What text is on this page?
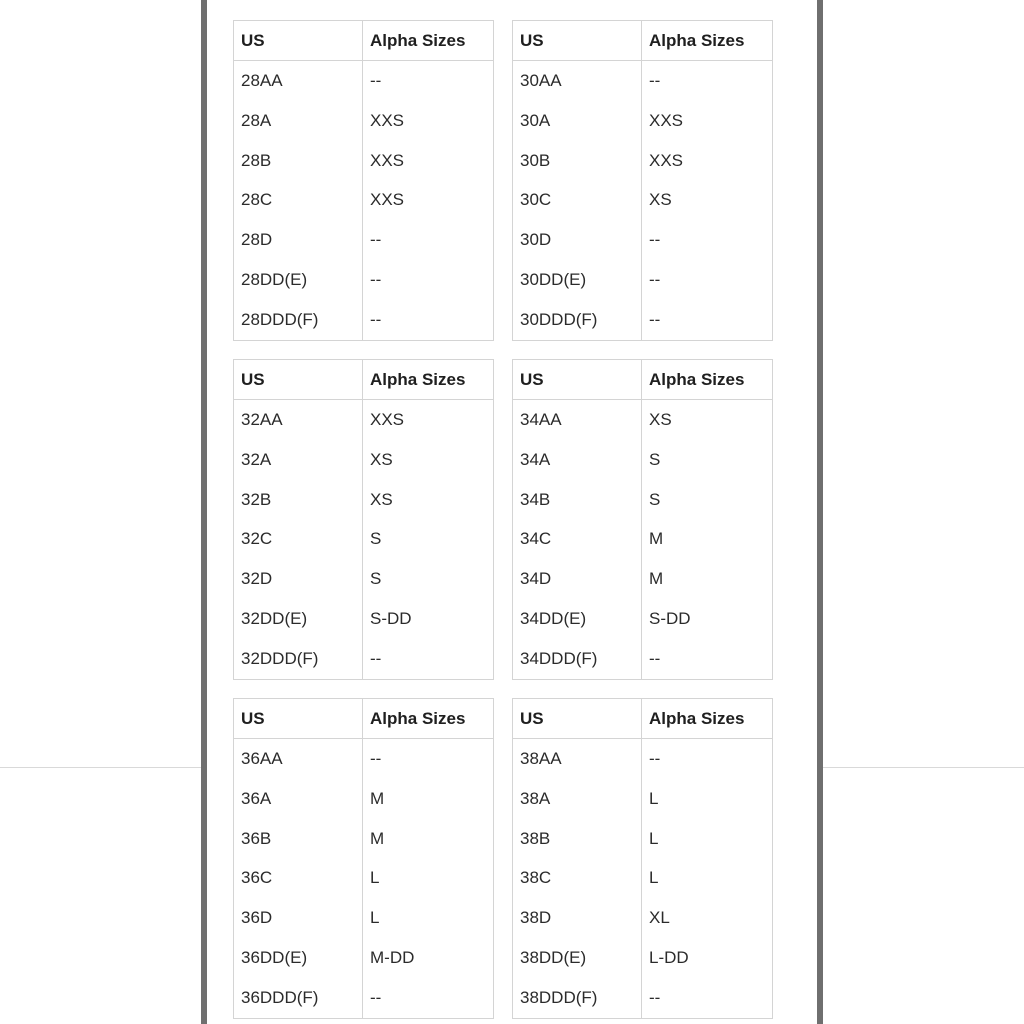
US	Alpha Sizes
28AA	--
28A	XXS
28B	XXS
28C	XXS
28D	--
28DD(E)	--
28DDD(F)	--
US	Alpha Sizes
30AA	--
30A	XXS
30B	XXS
30C	XS
30D	--
30DD(E)	--
30DDD(F)	--
US	Alpha Sizes
32AA	XXS
32A	XS
32B	XS
32C	S
32D	S
32DD(E)	S-DD
32DDD(F)	--
US	Alpha Sizes
34AA	XS
34A	S
34B	S
34C	M
34D	M
34DD(E)	S-DD
34DDD(F)	--
US	Alpha Sizes
36AA	--
36A	M
36B	M
36C	L
36D	L
36DD(E)	M-DD
36DDD(F)	--
US	Alpha Sizes
38AA	--
38A	L
38B	L
38C	L
38D	XL
38DD(E)	L-DD
38DDD(F)	--
